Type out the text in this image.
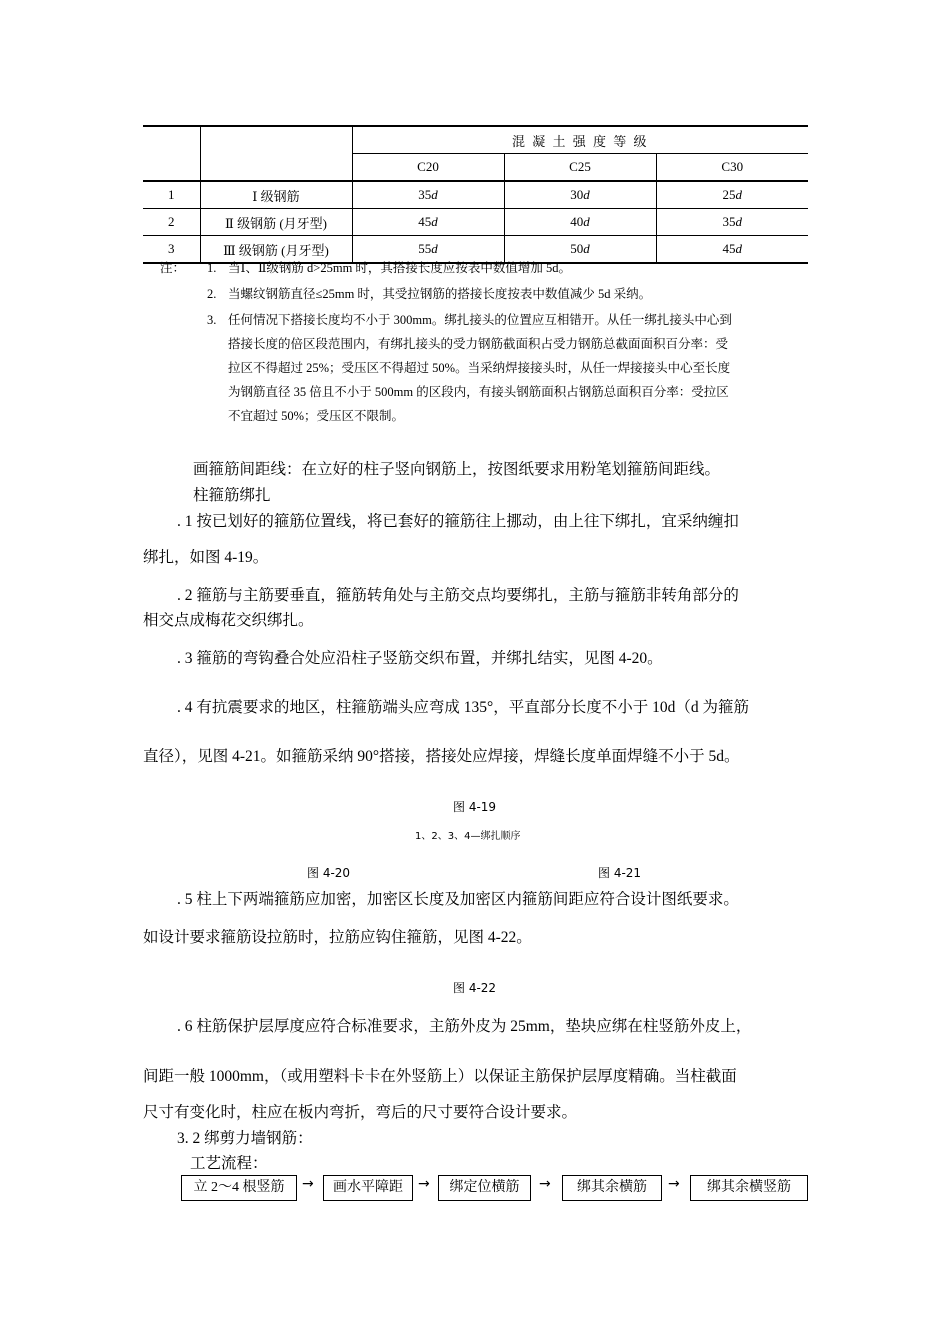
		混 凝 土 强 度 等 级		
		C20	C25	C30
1	Ⅰ 级钢筋	35d	30d	25d
2	Ⅱ 级钢筋 (月牙型)	45d	40d	35d
3	Ⅲ 级钢筋 (月牙型)	55d	50d	45d
注： 1. 当Ⅰ、Ⅱ级钢筋 d>25mm 时，其搭接长度应按表中数值增加 5d。
2. 当螺纹钢筋直径≤25mm 时，其受拉钢筋的搭接长度按表中数值减少 5d 采纳。
3. 任何情况下搭接长度均不小于 300mm。绑扎接头的位置应互相错开。从任一绑扎接头中心到
搭接长度的倍区段范围内，有绑扎接头的受力钢筋截面积占受力钢筋总截面面积百分率：受
拉区不得超过 25%；受压区不得超过 50%。当采纳焊接接头时，从任一焊接接头中心至长度
为钢筋直径 35 倍且不小于 500mm 的区段内，有接头钢筋面积占钢筋总面积百分率：受拉区
不宜超过 50%；受压区不限制。
画箍筋间距线：在立好的柱子竖向钢筋上，按图纸要求用粉笔划箍筋间距线。
柱箍筋绑扎
. 1 按已划好的箍筋位置线，将已套好的箍筋往上挪动，由上往下绑扎，宜采纳缠扣
绑扎，如图 4-19。
. 2 箍筋与主筋要垂直，箍筋转角处与主筋交点均要绑扎，主筋与箍筋非转角部分的
相交点成梅花交织绑扎。
. 3 箍筋的弯钩叠合处应沿柱子竖筋交织布置，并绑扎结实，见图 4-20。
. 4 有抗震要求的地区，柱箍筋端头应弯成 135°，平直部分长度不小于 10d（d 为箍筋
直径），见图 4-21。如箍筋采纳 90°搭接，搭接处应焊接，焊缝长度单面焊缝不小于 5d。
图 4-19
1、2、3、4—绑扎顺序
图 4-20	图 4-21
. 5 柱上下两端箍筋应加密，加密区长度及加密区内箍筋间距应符合设计图纸要求。
如设计要求箍筋设拉筋时，拉筋应钩住箍筋，见图 4-22。
图 4-22
. 6 柱筋保护层厚度应符合标准要求，主筋外皮为 25mm，垫块应绑在柱竖筋外皮上，
间距一般 1000mm，（或用塑料卡卡在外竖筋上）以保证主筋保护层厚度精确。当柱截面
尺寸有变化时，柱应在板内弯折，弯后的尺寸要符合设计要求。
3. 2 绑剪力墙钢筋：
工艺流程：
立 2～4 根竖筋	→	画水平障距	→	绑定位横筋	→	绑其余横筋	→	绑其余横竖筋
